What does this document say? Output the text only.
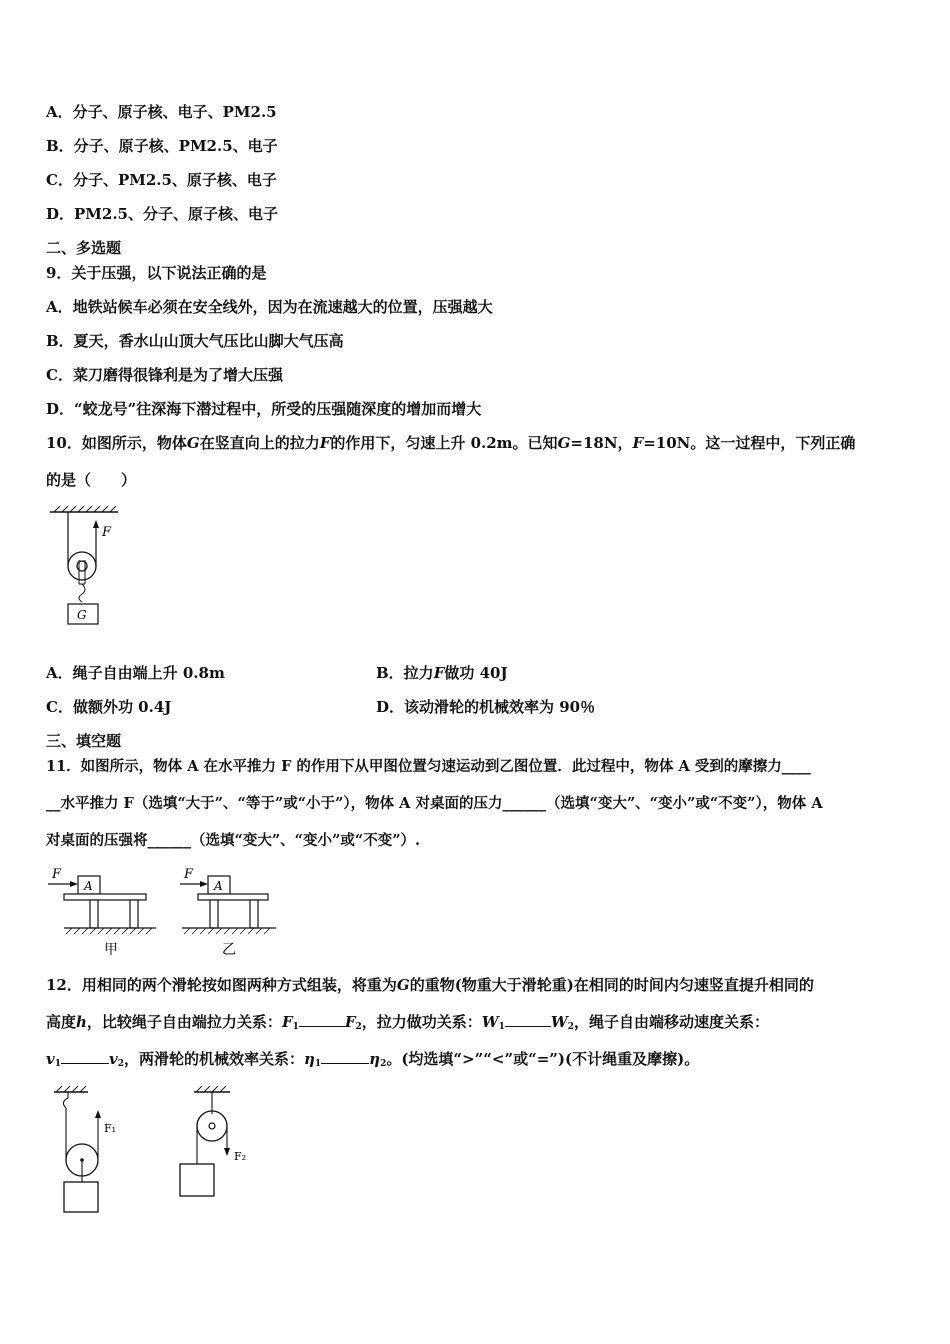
A．分子、原子核、电子、PM2.5
B．分子、原子核、PM2.5、电子
C．分子、PM2.5、原子核、电子
D．PM2.5、分子、原子核、电子
二、多选题
9．关于压强，以下说法正确的是
A．地铁站候车必须在安全线外，因为在流速越大的位置，压强越大
B．夏天，香水山山顶大气压比山脚大气压高
C．菜刀磨得很锋利是为了增大压强
D．“蛟龙号”往深海下潜过程中，所受的压强随深度的增加而增大
10．如图所示，物体G在竖直向上的拉力F的作用下，匀速上升 0.2m。已知G=18N，F=10N。这一过程中，下列正确
的是（　　）
F
G
A．绳子自由端上升 0.8m	B．拉力F做功 40J
C．做额外功 0.4J	D．该动滑轮的机械效率为 90％
三、填空题
11．如图所示，物体 A 在水平推力 F 的作用下从甲图位置匀速运动到乙图位置．此过程中，物体 A 受到的摩擦力____
__水平推力 F（选填“大于”、“等于”或“小于”），物体 A 对桌面的压力______（选填“变大”、“变小”或“不变”），物体 A
对桌面的压强将______（选填“变大”、“变小”或“不变”）.
F
A
甲
F
A
乙
12．用相同的两个滑轮按如图两种方式组装，将重为G的重物(物重大于滑轮重)在相同的时间内匀速竖直提升相同的
高度h，比较绳子自由端拉力关系：$F_1$	$F_2$，拉力做功关系：$W_1$	$W_2$，绳子自由端移动速度关系：
$v_1$	$v_2$，两滑轮的机械效率关系：$\eta_1$	$\eta_2$。(均选填“>”“<”或“=”)(不计绳重及摩擦)。
F₁
F₂
